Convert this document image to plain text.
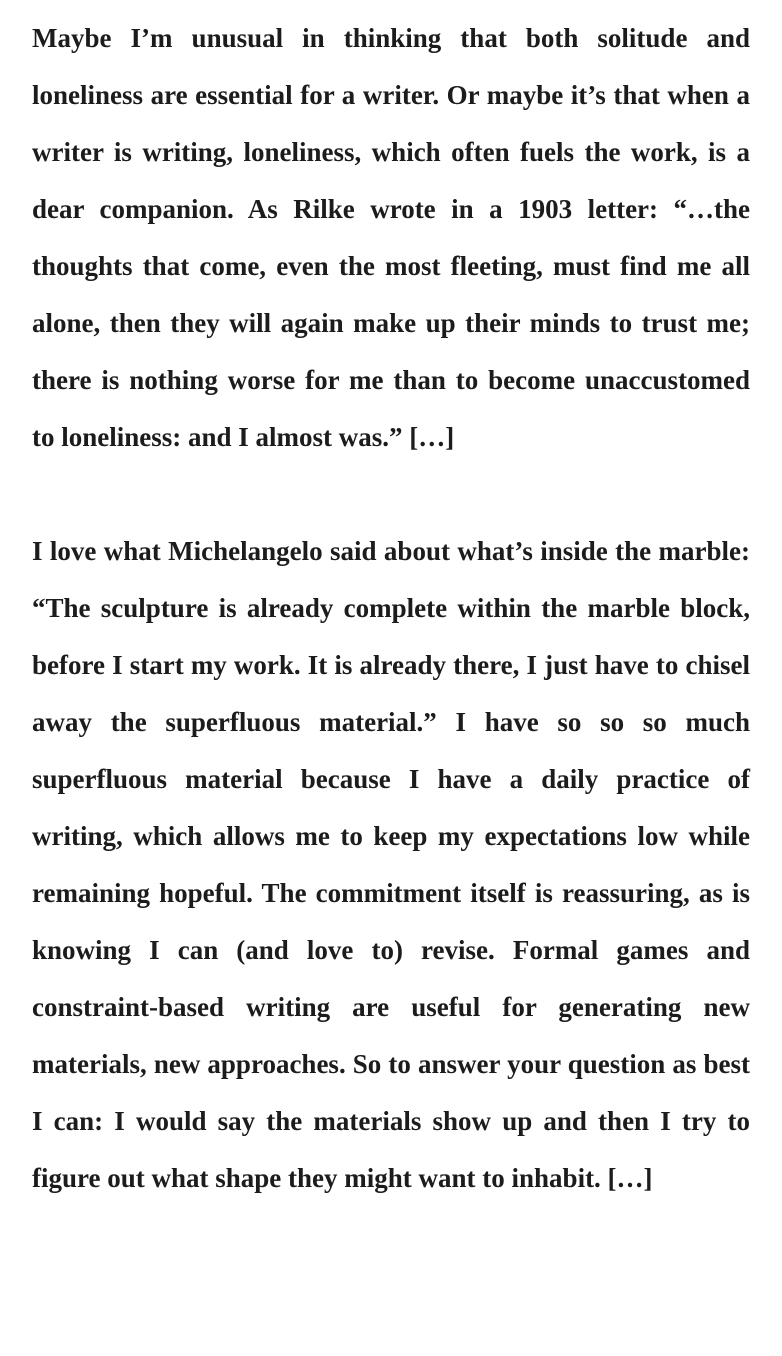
Maybe I’m unusual in thinking that both solitude and loneliness are essential for a writer. Or maybe it’s that when a writer is writing, loneliness, which often fuels the work, is a dear companion. As Rilke wrote in a 1903 letter: “…the thoughts that come, even the most fleeting, must find me all alone, then they will again make up their minds to trust me; there is nothing worse for me than to become unaccustomed to loneliness: and I almost was.” […]

I love what Michelangelo said about what’s inside the marble: “The sculpture is already complete within the marble block, before I start my work. It is already there, I just have to chisel away the superfluous material.” I have so so so much superfluous material because I have a daily practice of writing, which allows me to keep my expectations low while remaining hopeful. The commitment itself is reassuring, as is knowing I can (and love to) revise. Formal games and constraint-based writing are useful for generating new materials, new approaches. So to answer your question as best I can: I would say the materials show up and then I try to figure out what shape they might want to inhabit. […]
